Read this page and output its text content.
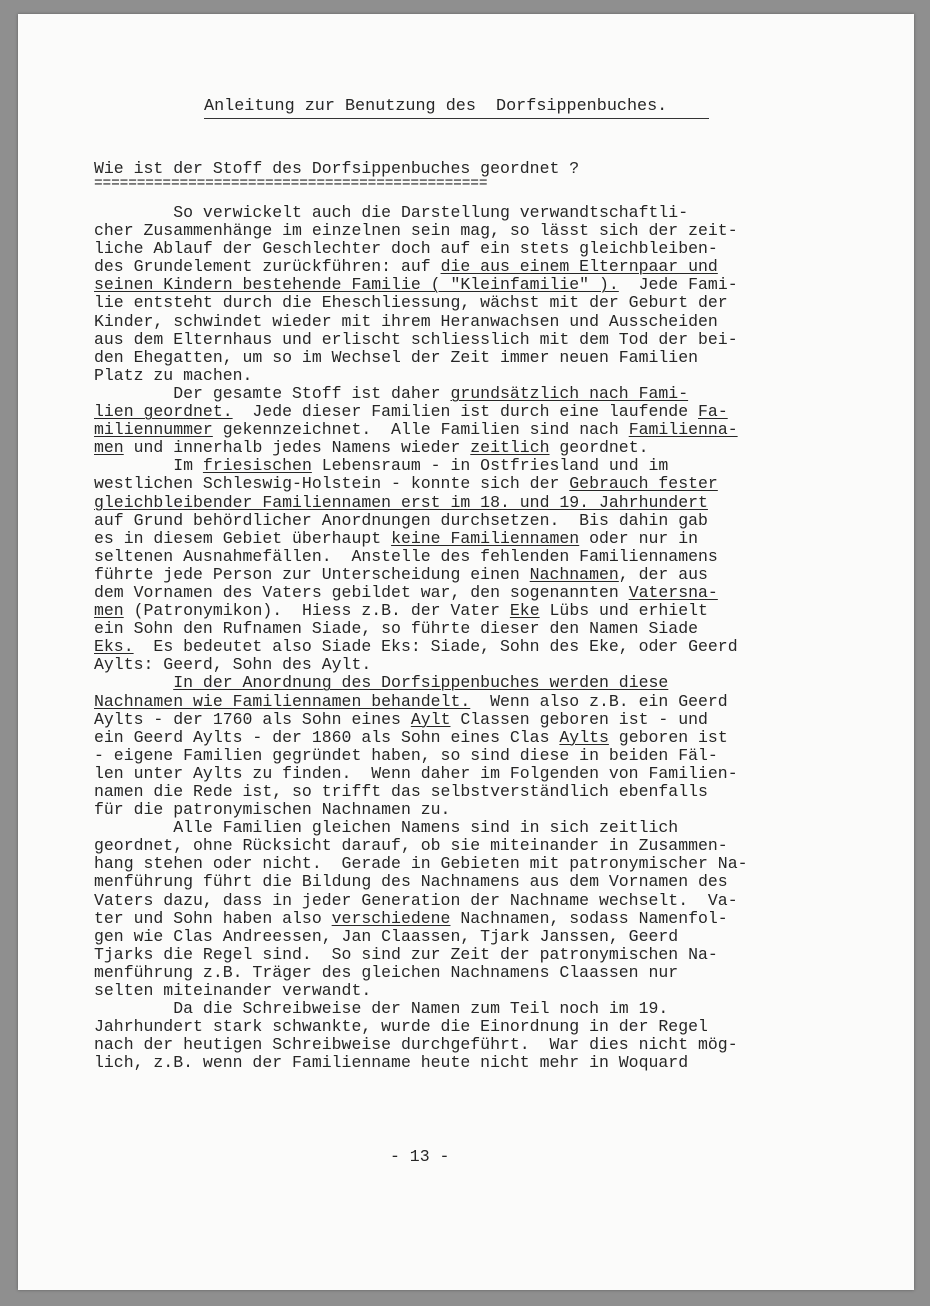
Anleitung zur Benutzung des  Dorfsippenbuches.
Wie ist der Stoff des Dorfsippenbuches geordnet ?
==============================================
So verwickelt auch die Darstellung verwandtschaftli-
cher Zusammenhänge im einzelnen sein mag, so lässt sich der zeit-
liche Ablauf der Geschlechter doch auf ein stets gleichbleiben-
des Grundelement zurückführen: auf die aus einem Elternpaar und
seinen Kindern bestehende Familie ( "Kleinfamilie" ).  Jede Fami-
lie entsteht durch die Eheschliessung, wächst mit der Geburt der
Kinder, schwindet wieder mit ihrem Heranwachsen und Ausscheiden
aus dem Elternhaus und erlischt schliesslich mit dem Tod der bei-
den Ehegatten, um so im Wechsel der Zeit immer neuen Familien
Platz zu machen.
Der gesamte Stoff ist daher grundsätzlich nach Fami-
lien geordnet.  Jede dieser Familien ist durch eine laufende Fa-
miliennummer gekennzeichnet.  Alle Familien sind nach Familienna-
men und innerhalb jedes Namens wieder zeitlich geordnet.
Im friesischen Lebensraum - in Ostfriesland und im
westlichen Schleswig-Holstein - konnte sich der Gebrauch fester
gleichbleibender Familiennamen erst im 18. und 19. Jahrhundert
auf Grund behördlicher Anordnungen durchsetzen.  Bis dahin gab
es in diesem Gebiet überhaupt keine Familiennamen oder nur in
seltenen Ausnahmefällen.  Anstelle des fehlenden Familiennamens
führte jede Person zur Unterscheidung einen Nachnamen, der aus
dem Vornamen des Vaters gebildet war, den sogenannten Vatersna-
men (Patronymikon).  Hiess z.B. der Vater Eke Lübs und erhielt
ein Sohn den Rufnamen Siade, so führte dieser den Namen Siade
Eks.  Es bedeutet also Siade Eks: Siade, Sohn des Eke, oder Geerd
Aylts: Geerd, Sohn des Aylt.
In der Anordnung des Dorfsippenbuches werden diese
Nachnamen wie Familiennamen behandelt.  Wenn also z.B. ein Geerd
Aylts - der 1760 als Sohn eines Aylt Classen geboren ist - und
ein Geerd Aylts - der 1860 als Sohn eines Clas Aylts geboren ist
- eigene Familien gegründet haben, so sind diese in beiden Fäl-
len unter Aylts zu finden.  Wenn daher im Folgenden von Familien-
namen die Rede ist, so trifft das selbstverständlich ebenfalls
für die patronymischen Nachnamen zu.
Alle Familien gleichen Namens sind in sich zeitlich
geordnet, ohne Rücksicht darauf, ob sie miteinander in Zusammen-
hang stehen oder nicht.  Gerade in Gebieten mit patronymischer Na-
menführung führt die Bildung des Nachnamens aus dem Vornamen des
Vaters dazu, dass in jeder Generation der Nachname wechselt.  Va-
ter und Sohn haben also verschiedene Nachnamen, sodass Namenfol-
gen wie Clas Andreessen, Jan Claassen, Tjark Janssen, Geerd
Tjarks die Regel sind.  So sind zur Zeit der patronymischen Na-
menführung z.B. Träger des gleichen Nachnamens Claassen nur
selten miteinander verwandt.
Da die Schreibweise der Namen zum Teil noch im 19.
Jahrhundert stark schwankte, wurde die Einordnung in der Regel
nach der heutigen Schreibweise durchgeführt.  War dies nicht mög-
lich, z.B. wenn der Familienname heute nicht mehr in Woquard
- 13 -
